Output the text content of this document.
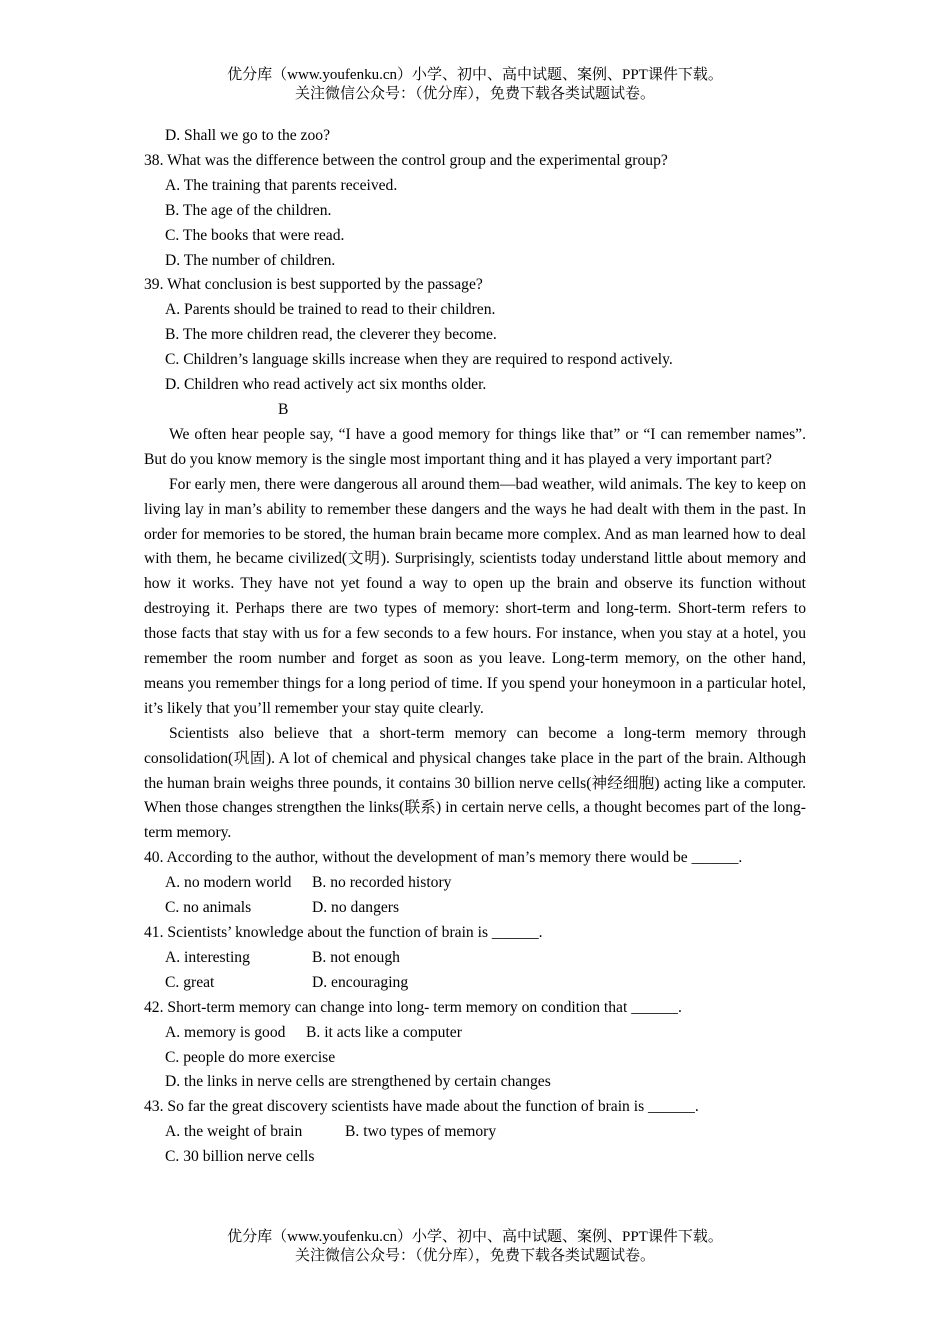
优分库（www.youfenku.cn）小学、初中、高中试题、案例、PPT课件下载。
关注微信公众号：（优分库），免费下载各类试题试卷。
D. Shall we go to the zoo?
38. What was the difference between the control group and the experimental group?
A. The training that parents received.
B. The age of the children.
C. The books that were read.
D. The number of children.
39. What conclusion is best supported by the passage?
A. Parents should be trained to read to their children.
B. The more children read, the cleverer they become.
C. Children’s language skills increase when they are required to respond actively.
D. Children who read actively act six months older.
B
We often hear people say, “I have a good memory for things like that” or “I can remember names”. But do you know memory is the single most important thing and it has played a very important part?
For early men, there were dangerous all around them—bad weather, wild animals. The key to keep on living lay in man’s ability to remember these dangers and the ways he had dealt with them in the past. In order for memories to be stored, the human brain became more complex. And as man learned how to deal with them, he became civilized(文明). Surprisingly, scientists today understand little about memory and how it works. They have not yet found a way to open up the brain and observe its function without destroying it. Perhaps there are two types of memory: short-term and long-term. Short-term refers to those facts that stay with us for a few seconds to a few hours. For instance, when you stay at a hotel, you remember the room number and forget as soon as you leave. Long-term memory, on the other hand, means you remember things for a long period of time. If you spend your honeymoon in a particular hotel, it’s likely that you’ll remember your stay quite clearly.
Scientists also believe that a short-term memory can become a long-term memory through consolidation(巩固). A lot of chemical and physical changes take place in the part of the brain. Although the human brain weighs three pounds, it contains 30 billion nerve cells(神经细胞) acting like a computer. When those changes strengthen the links(联系) in certain nerve cells, a thought becomes part of the long-term memory.
40. According to the author, without the development of man’s memory there would be ______.
A. no modern world	B. no recorded history
C. no animals	D. no dangers
41. Scientists’ knowledge about the function of brain is ______.
A. interesting	B. not enough
C. great	D. encouraging
42. Short-term memory can change into long- term memory on condition that ______.
A. memory is good	B. it acts like a computer
C. people do more exercise
D. the links in nerve cells are strengthened by certain changes
43. So far the great discovery scientists have made about the function of brain is ______.
A. the weight of brain	B. two types of memory
C. 30 billion nerve cells
优分库（www.youfenku.cn）小学、初中、高中试题、案例、PPT课件下载。
关注微信公众号：（优分库），免费下载各类试题试卷。
